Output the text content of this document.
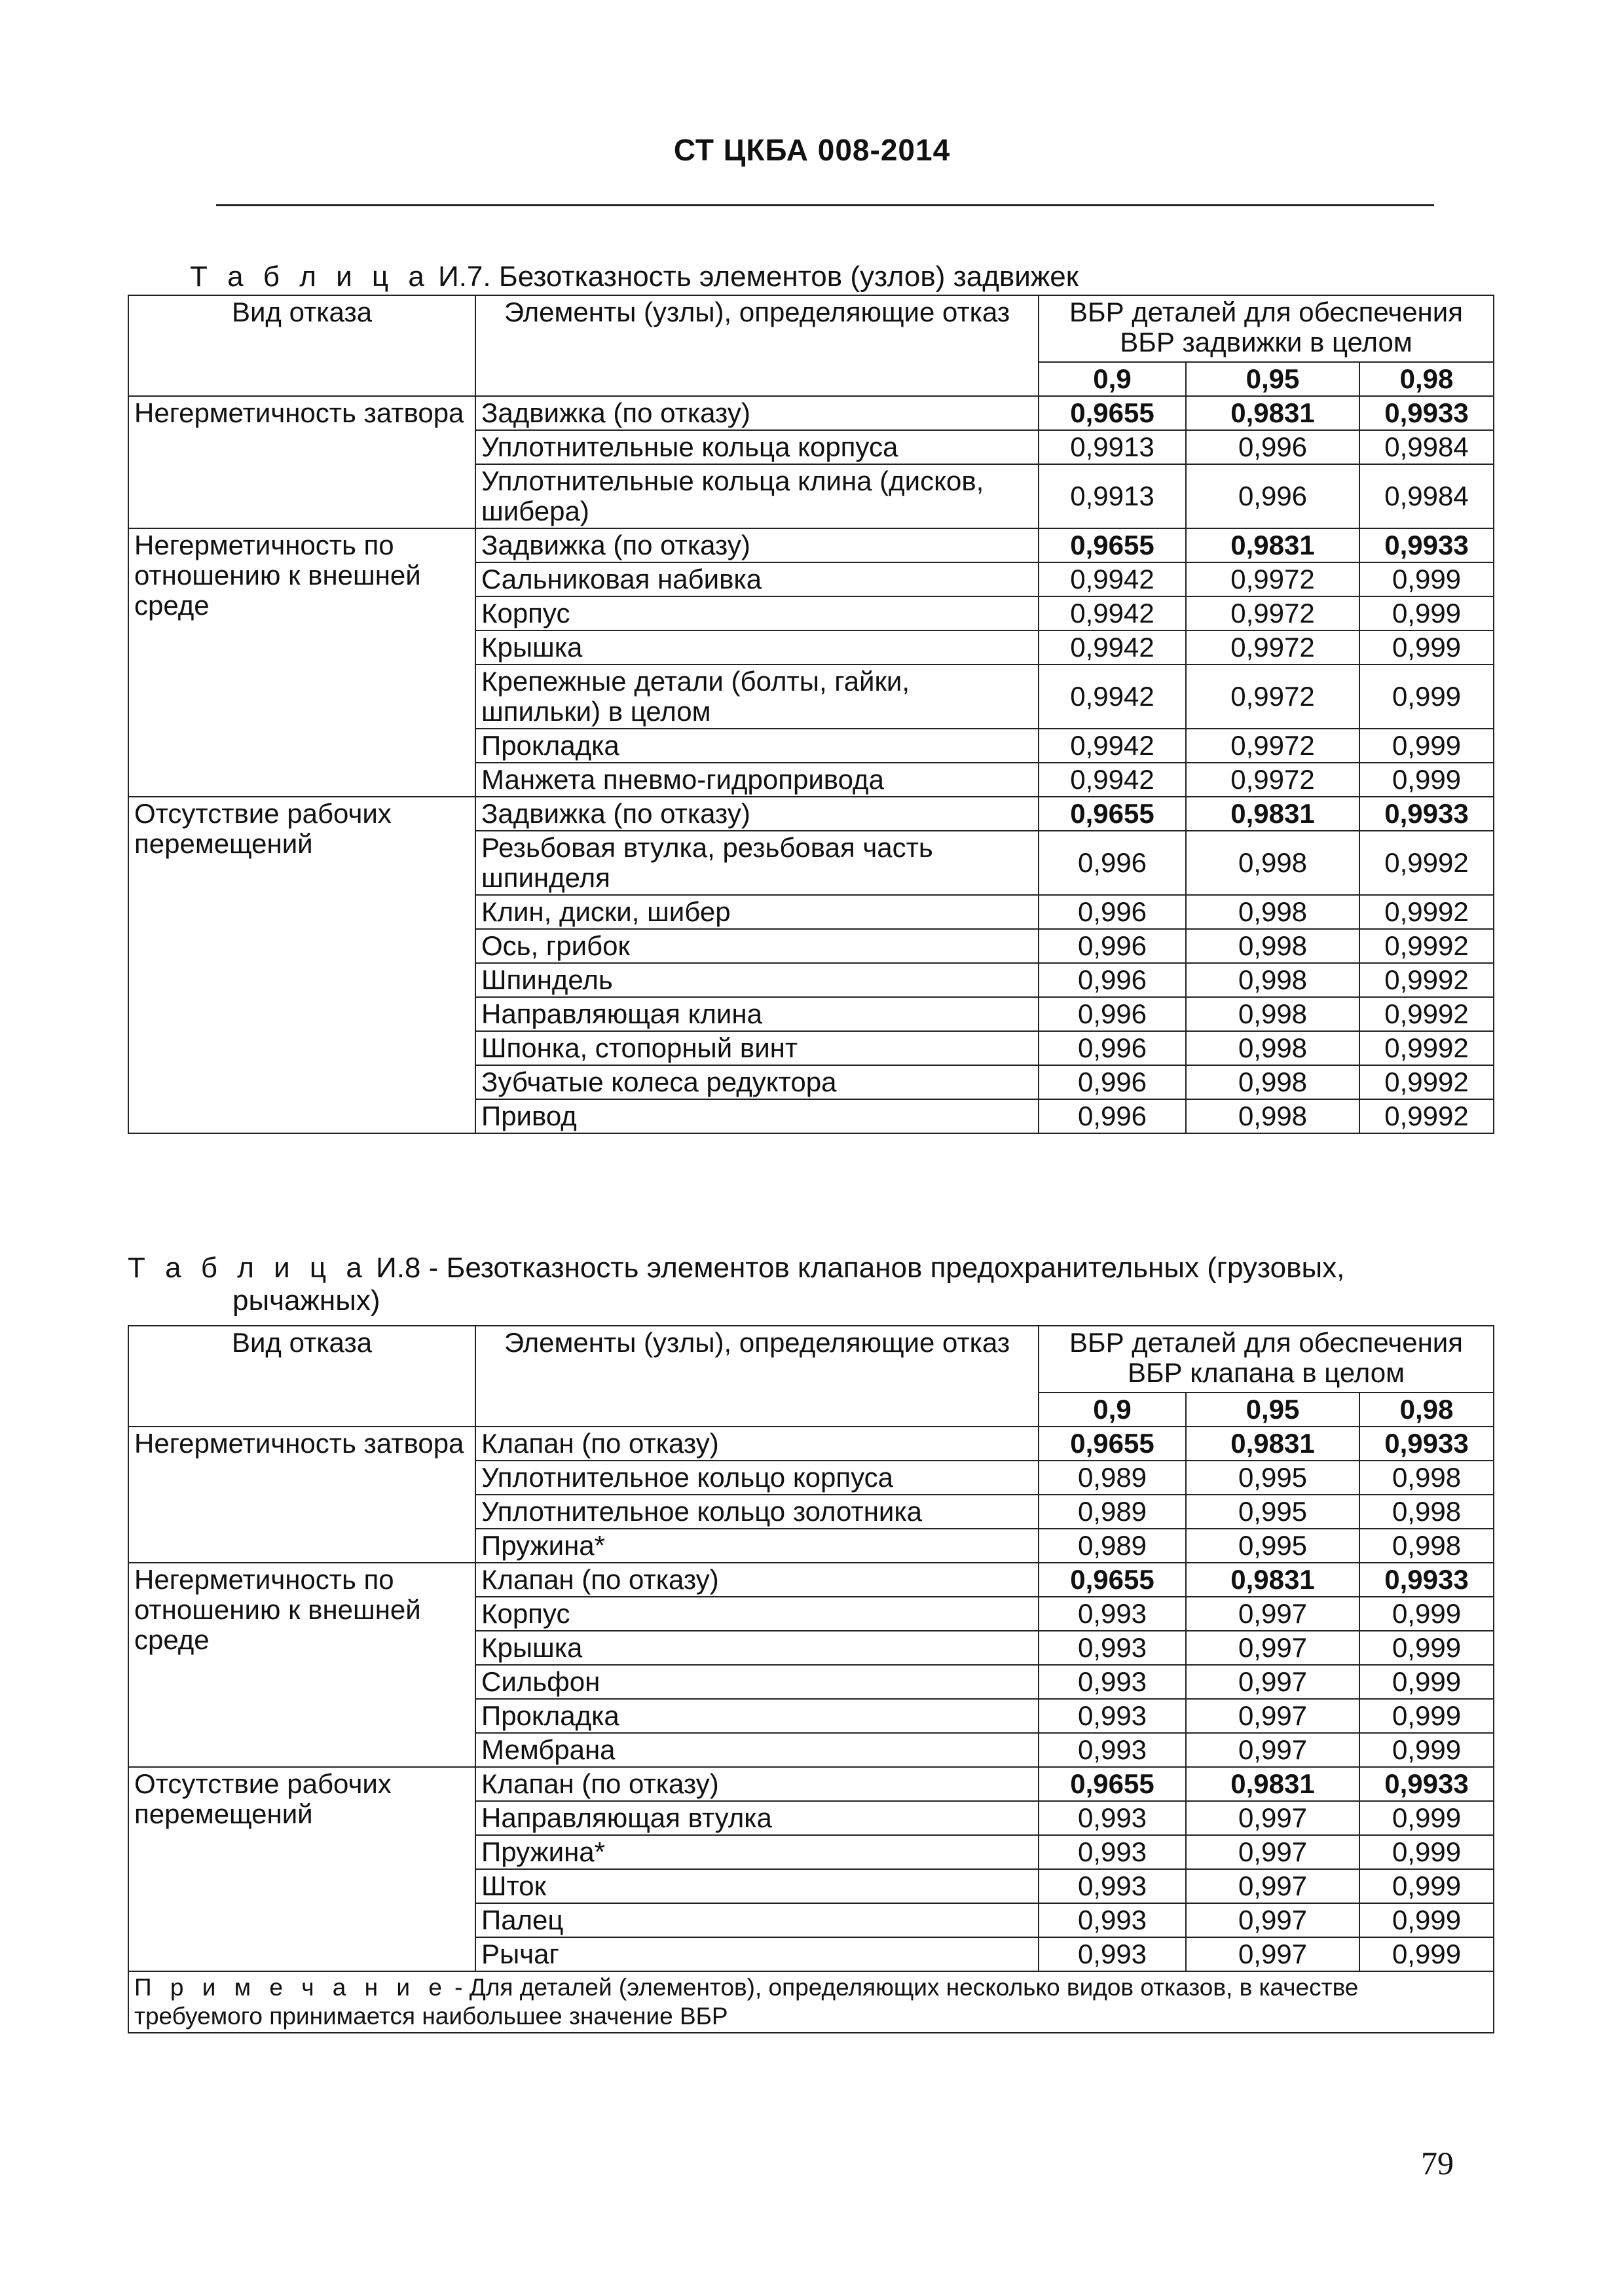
СТ ЦКБА 008-2014
Т а б л и ц а И.7. Безотказность элементов (узлов) задвижек
Вид отказа	Элементы (узлы), определяющие отказ	ВБР деталей для обеспечения ВБР задвижки в целом		
		0,9	0,95	0,98
Негерметичность затвора	Задвижка (по отказу)	0,9655	0,9831	0,9933
	Уплотнительные кольца корпуса	0,9913	0,996	0,9984
	Уплотнительные кольца клина (дисков, шибера)	0,9913	0,996	0,9984
Негерметичность по отношению к внешней среде	Задвижка (по отказу)	0,9655	0,9831	0,9933
	Сальниковая набивка	0,9942	0,9972	0,999
	Корпус	0,9942	0,9972	0,999
	Крышка	0,9942	0,9972	0,999
	Крепежные детали (болты, гайки, шпильки) в целом	0,9942	0,9972	0,999
	Прокладка	0,9942	0,9972	0,999
	Манжета пневмо-гидропривода	0,9942	0,9972	0,999
Отсутствие рабочих перемещений	Задвижка (по отказу)	0,9655	0,9831	0,9933
	Резьбовая втулка, резьбовая часть шпинделя	0,996	0,998	0,9992
	Клин, диски, шибер	0,996	0,998	0,9992
	Ось, грибок	0,996	0,998	0,9992
	Шпиндель	0,996	0,998	0,9992
	Направляющая клина	0,996	0,998	0,9992
	Шпонка, стопорный винт	0,996	0,998	0,9992
	Зубчатые колеса редуктора	0,996	0,998	0,9992
	Привод	0,996	0,998	0,9992
Т а б л и ц а И.8 - Безотказность элементов клапанов предохранительных (грузовых,
рычажных)
Вид отказа	Элементы (узлы), определяющие отказ	ВБР деталей для обеспечения ВБР клапана в целом		
		0,9	0,95	0,98
Негерметичность затвора	Клапан (по отказу)	0,9655	0,9831	0,9933
	Уплотнительное кольцо корпуса	0,989	0,995	0,998
	Уплотнительное кольцо золотника	0,989	0,995	0,998
	Пружина*	0,989	0,995	0,998
Негерметичность по отношению к внешней среде	Клапан (по отказу)	0,9655	0,9831	0,9933
	Корпус	0,993	0,997	0,999
	Крышка	0,993	0,997	0,999
	Сильфон	0,993	0,997	0,999
	Прокладка	0,993	0,997	0,999
	Мембрана	0,993	0,997	0,999
Отсутствие рабочих перемещений	Клапан (по отказу)	0,9655	0,9831	0,9933
	Направляющая втулка	0,993	0,997	0,999
	Пружина*	0,993	0,997	0,999
	Шток	0,993	0,997	0,999
	Палец	0,993	0,997	0,999
	Рычаг	0,993	0,997	0,999
П р и м е ч а н и е - Для деталей (элементов), определяющих несколько видов отказов, в качестве требуемого принимается наибольшее значение ВБР				
79
